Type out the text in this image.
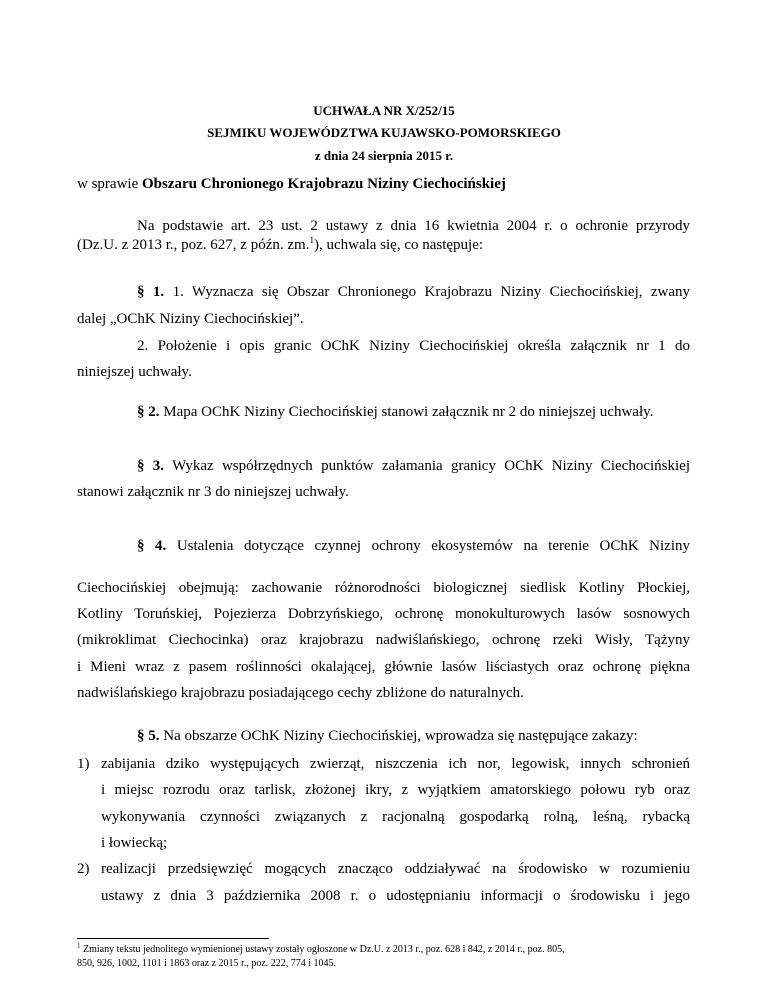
UCHWAŁA NR X/252/15
SEJMIKU WOJEWÓDZTWA KUJAWSKO-POMORSKIEGO
z dnia 24 sierpnia 2015 r.
w sprawie Obszaru Chronionego Krajobrazu Niziny Ciechocińskiej
Na podstawie art. 23 ust. 2 ustawy z dnia 16 kwietnia 2004 r. o ochronie przyrody
(Dz.U. z 2013 r., poz. 627, z późn. zm.$^1$), uchwala się, co następuje:
§ 1. 1. Wyznacza się Obszar Chronionego Krajobrazu Niziny Ciechocińskiej, zwany
dalej „OChK Niziny Ciechocińskiej”.
2. Położenie i opis granic OChK Niziny Ciechocińskiej określa załącznik nr 1 do
niniejszej uchwały.
§ 2. Mapa OChK Niziny Ciechocińskiej stanowi załącznik nr 2 do niniejszej uchwały.
§ 3. Wykaz współrzędnych punktów załamania granicy OChK Niziny Ciechocińskiej
stanowi załącznik nr 3 do niniejszej uchwały.
§ 4. Ustalenia dotyczące czynnej ochrony ekosystemów na terenie OChK Niziny
Ciechocińskiej obejmują: zachowanie różnorodności biologicznej siedlisk Kotliny Płockiej,
Kotliny Toruńskiej, Pojezierza Dobrzyńskiego, ochronę monokulturowych lasów sosnowych
(mikroklimat Ciechocinka) oraz krajobrazu nadwiślańskiego, ochronę rzeki Wisły, Tążyny
i Mieni wraz z pasem roślinności okalającej, głównie lasów liściastych oraz ochronę pięknа
nadwiślańskiego krajobrazu posiadającego cechy zbliżone do naturalnych.
§ 5. Na obszarze OChK Niziny Ciechocińskiej, wprowadza się następujące zakazy:
1) zabijania dziko występujących zwierząt, niszczenia ich nor, legowisk, innych schronień
i miejsc rozrodu oraz tarlisk, złożonej ikry, z wyjątkiem amatorskiego połowu ryb oraz
wykonywania czynności związanych z racjonalną gospodarką rolną, leśną, rybacką
i łowiecką;
2) realizacji przedsięwzięć mogących znacząco oddziaływać na środowisko w rozumieniu
ustawy z dnia 3 października 2008 r. o udostępnianiu informacji o środowisku i jego
$^1$ Zmiany tekstu jednolitego wymienionej ustawy zostały ogłoszone w Dz.U. z 2013 r., poz. 628 i 842, z 2014 r., poz. 805,
850, 926, 1002, 1101 i 1863 oraz z 2015 r., poz. 222, 774 i 1045.
